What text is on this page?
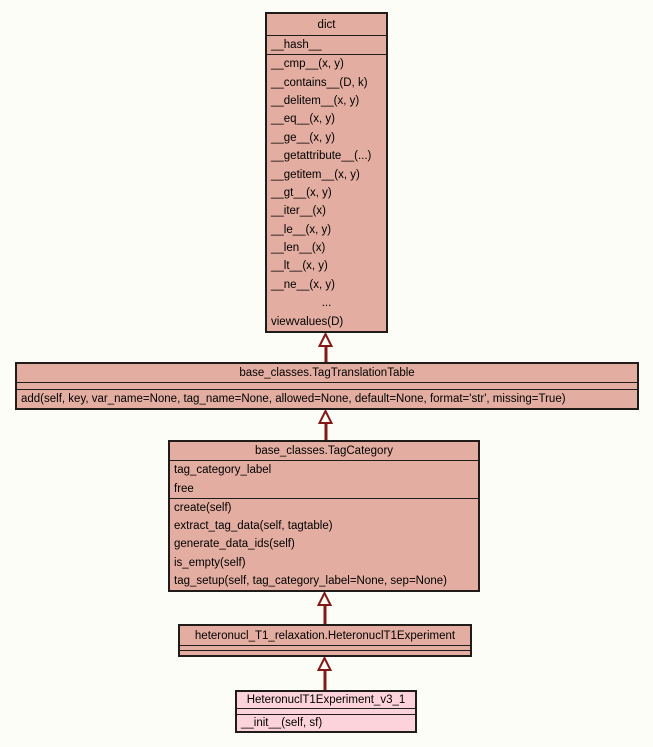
dict
__hash__
__cmp__(x, y)
__contains__(D, k)
__delitem__(x, y)
__eq__(x, y)
__ge__(x, y)
__getattribute__(...)
__getitem__(x, y)
__gt__(x, y)
__iter__(x)
__le__(x, y)
__len__(x)
__lt__(x, y)
__ne__(x, y)
...
viewvalues(D)
base_classes.TagTranslationTable
add(self, key, var_name=None, tag_name=None, allowed=None, default=None, format='str', missing=True)
base_classes.TagCategory
tag_category_label
free
create(self)
extract_tag_data(self, tagtable)
generate_data_ids(self)
is_empty(self)
tag_setup(self, tag_category_label=None, sep=None)
heteronucl_T1_relaxation.HeteronuclT1Experiment
HeteronuclT1Experiment_v3_1
__init__(self, sf)
